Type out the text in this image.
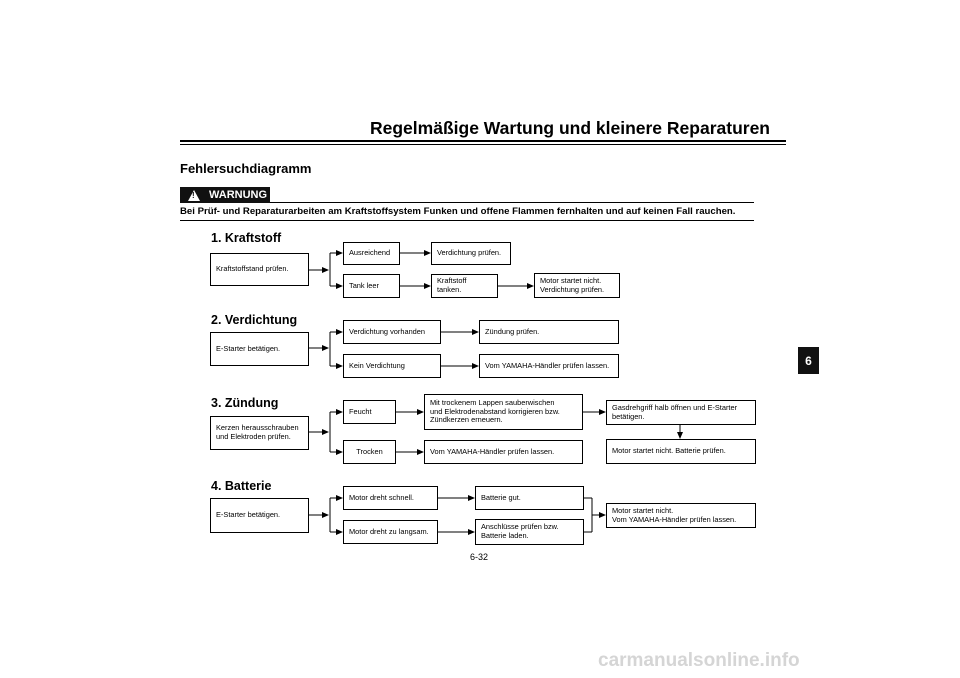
Regelmäßige Wartung und kleinere Reparaturen
Fehlersuchdiagramm
! WARNUNG
Bei Prüf- und Reparaturarbeiten am Kraftstoffsystem Funken und offene Flammen fernhalten und auf keinen Fall rauchen.
1. Kraftstoff
Kraftstoffstand prüfen.
Ausreichend	Verdichtung prüfen.
Tank leer	Kraftstoff tanken.
Motor startet nicht.
Verdichtung prüfen.
2. Verdichtung
E-Starter betätigen.
Verdichtung vorhanden	Zündung prüfen.
Kein Verdichtung	Vom YAMAHA-Händler prüfen lassen.
3. Zündung
Kerzen herausschrauben
und Elektroden prüfen.
Feucht
Mit trockenem Lappen sauberwischen
und Elektrodenabstand korrigieren bzw.
Zündkerzen erneuern.
Gasdrehgriff halb öffnen und E-Starter
betätigen.
Motor startet nicht. Batterie prüfen.
Trocken	Vom YAMAHA-Händler prüfen lassen.
4. Batterie
E-Starter betätigen.
Motor dreht schnell.	Batterie gut.
Motor dreht zu langsam.	Anschlüsse prüfen bzw.
Batterie laden.
Motor startet nicht.
Vom YAMAHA-Händler prüfen lassen.
6
6-32
carmanualsonline.info
